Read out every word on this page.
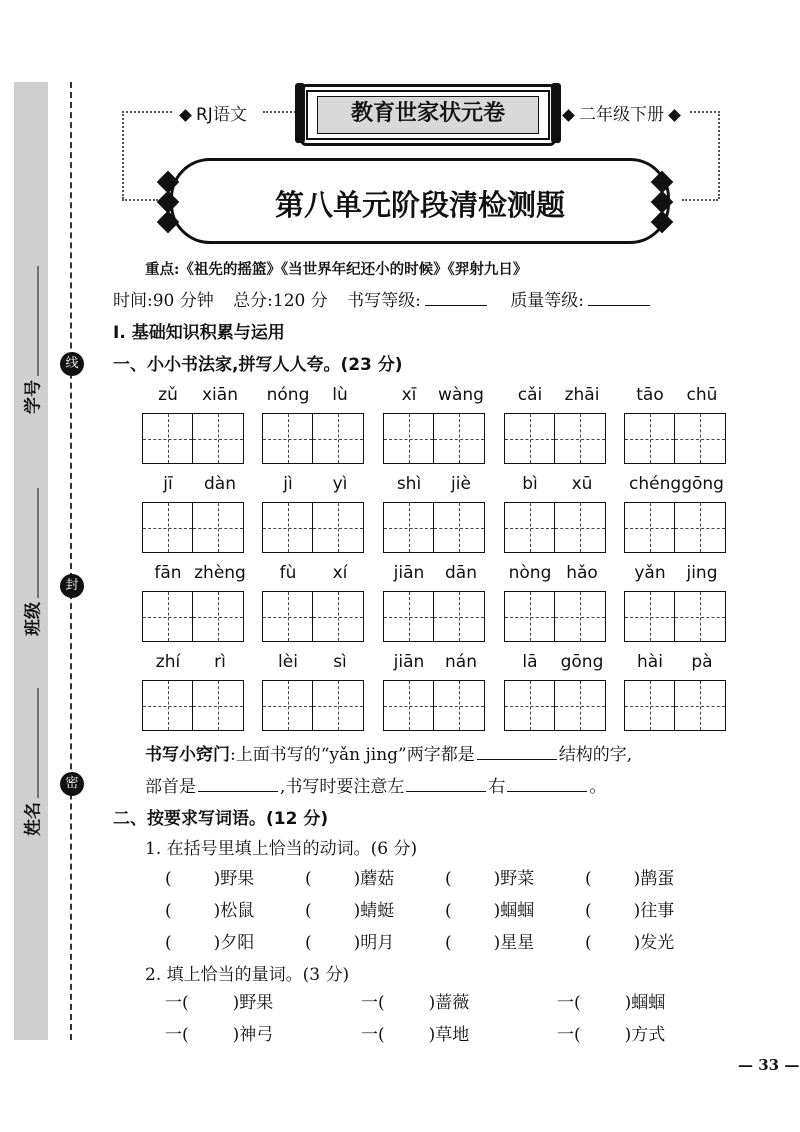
线
封
密
学号
班级
姓名
RJ语文	二年级下册
教育世家状元卷
第八单元阶段清检测题
重点:《祖先的摇篮》《当世界年纪还小的时候》《羿射九日》
时间:90 分钟 总分:120 分 书写等级:	质量等级:
Ⅰ. 基础知识积累与运用
一、小小书法家,拼写人人夸。(23 分)
zǔ	xiān	nóng	lù	xī	wàng	cǎi	zhāi	tāo	chū
jī	dàn	jì	yì	shì	jiè	bì	xū	chénggōng
fān zhèng	fù	xí	jiān	dān	nòng hǎo	yǎn	jing
zhí	rì	lèi	sì	jiān	nán	lā	gōng	hài	pà
书写小窍门:上面书写的“yǎn jing”两字都是	结构的字,
部首是	,书写时要注意左	右	。
二、按要求写词语。(12 分)
1. 在括号里填上恰当的动词。(6 分)
( )野果	( )蘑菇	( )野菜	( )鹊蛋
( )松鼠	( )蜻蜓	( )蝈蝈	( )往事
( )夕阳	( )明月	( )星星	( )发光
2. 填上恰当的量词。(3 分)
一(	)野果	一(	)蔷薇	一(	)蝈蝈
一(	)神弓	一(	)草地	一(	)方式
— 33 —
